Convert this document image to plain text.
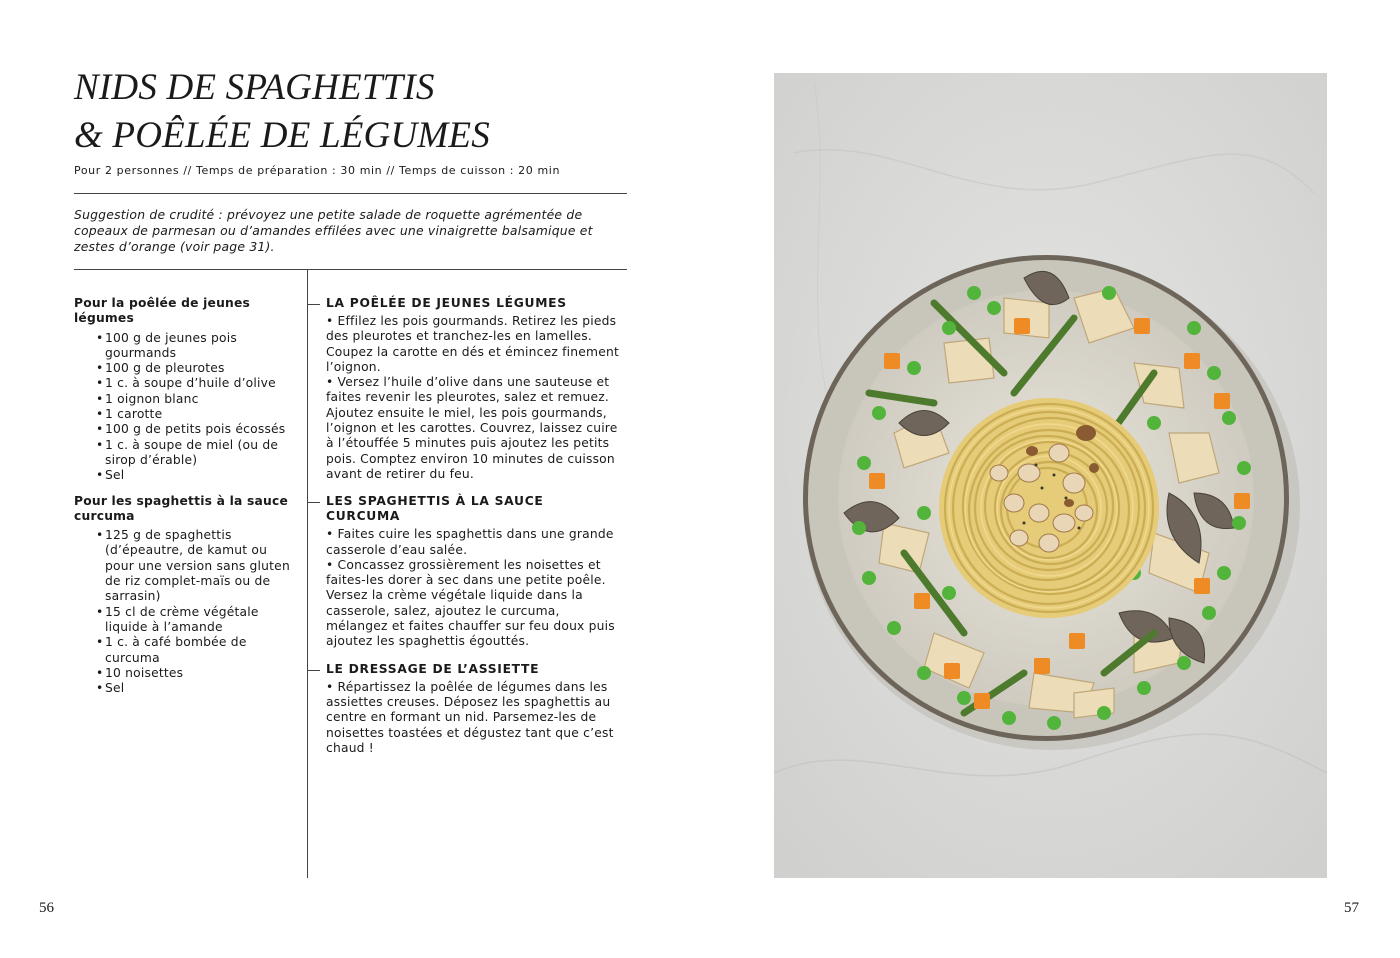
NIDS DE SPAGHETTIS
& POÊLÉE DE LÉGUMES
Pour 2 personnes // Temps de préparation : 30 min // Temps de cuisson : 20 min
Suggestion de crudité : prévoyez une petite salade de roquette agrémentée de copeaux de parmesan ou d’amandes effilées avec une vinaigrette balsamique et zestes d’orange (voir page 31).

Pour la poêlée de jeunes légumes

• 100 g de jeunes pois gourmands
• 100 g de pleurotes
• 1 c. à soupe d’huile d’olive
• 1 oignon blanc
• 1 carotte
• 100 g de petits pois écossés
• 1 c. à soupe de miel (ou de sirop d’érable)
• Sel

Pour les spaghettis à la sauce curcuma

• 125 g de spaghettis (d’épeautre, de kamut ou pour une version sans gluten de riz complet-maïs ou de sarrasin)
• 15 cl de crème végétale liquide à l’amande
• 1 c. à café bombée de curcuma
• 10 noisettes
• Sel
LA POÊLÉE DE JEUNES LÉGUMES

• Effilez les pois gourmands. Retirez les pieds des pleurotes et tranchez-les en lamelles. Coupez la carotte en dés et émincez finement l’oignon.
• Versez l’huile d’olive dans une sauteuse et faites revenir les pleurotes, salez et remuez. Ajoutez ensuite le miel, les pois gourmands, l’oignon et les carottes. Couvrez, laissez cuire à l’étouffée 5 minutes puis ajoutez les petits pois. Comptez environ 10 minutes de cuisson avant de retirer du feu.

LES SPAGHETTIS À LA SAUCE CURCUMA

• Faites cuire les spaghettis dans une grande casserole d’eau salée.
• Concassez grossièrement les noisettes et faites-les dorer à sec dans une petite poêle. Versez la crème végétale liquide dans la casserole, salez, ajoutez le curcuma, mélangez et faites chauffer sur feu doux puis ajoutez les spaghettis égouttés.

LE DRESSAGE DE L’ASSIETTE

• Répartissez la poêlée de légumes dans les assiettes creuses. Déposez les spaghettis au centre en formant un nid. Parsemez-les de noisettes toastées et dégustez tant que c’est chaud !

56	57
